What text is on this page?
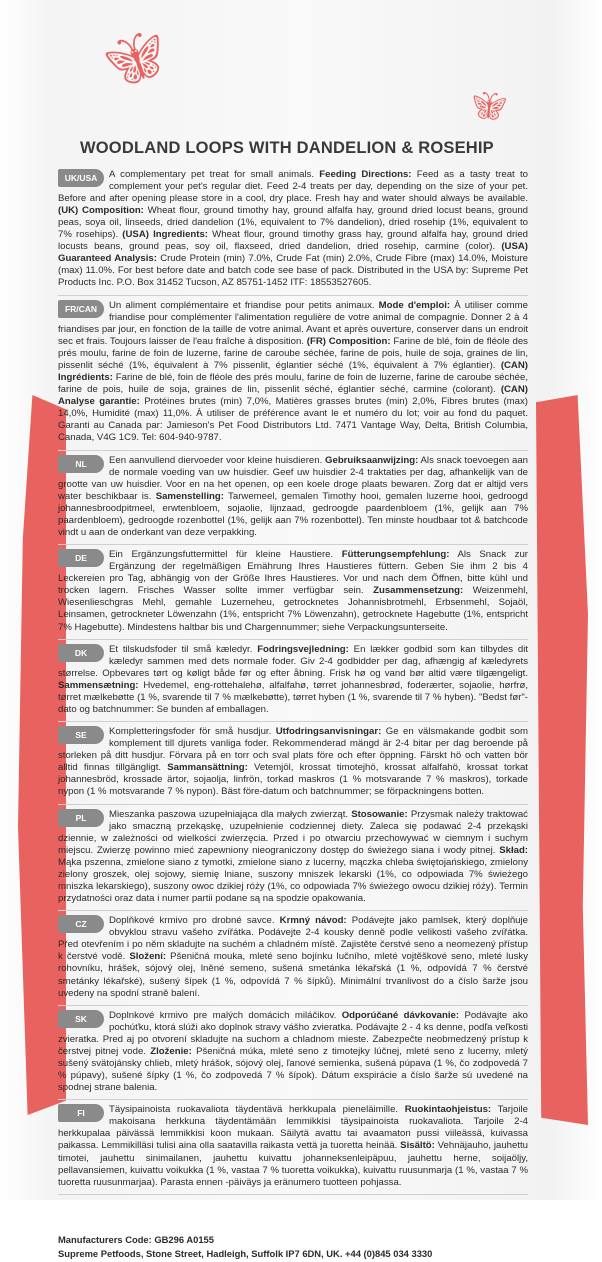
🦋︎
🦋︎
WOODLAND LOOPS WITH DANDELION & ROSEHIP
UK/USA	A complementary pet treat for small animals. Feeding Directions: Feed as a tasty treat to complement your pet's regular diet. Feed 2-4 treats per day, depending on the size of your pet. Before and after opening please store in a cool, dry place. Fresh hay and water should always be available. (UK) Composition: Wheat flour, ground timothy hay, ground alfalfa hay, ground dried locust beans, ground peas, soya oil, linseeds, dried dandelion (1%, equivalent to 7% dandelion), dried rosehip (1%, equivalent to 7% rosehips). (USA) Ingredients: Wheat flour, ground timothy grass hay, ground alfalfa hay, ground dried locusts beans, ground peas, soy oil, flaxseed, dried dandelion, dried rosehip, carmine (color). (USA) Guaranteed Analysis: Crude Protein (min) 7.0%, Crude Fat (min) 2.0%, Crude Fibre (max) 14.0%, Moisture (max) 11.0%. For best before date and batch code see base of pack. Distributed in the USA by: Supreme Pet Products Inc. P.O. Box 31452 Tucson, AZ 85751-1452 ITF: 18553527605.

FR/CAN	Un aliment complémentaire et friandise pour petits animaux. Mode d'emploi: À utiliser comme friandise pour complémenter l'alimentation regulière de votre animal de compagnie. Donner 2 à 4 friandises par jour, en fonction de la taille de votre animal. Avant et après ouverture, conserver dans un endroit sec et frais. Toujours laisser de l'eau fraîche à disposition. (FR) Composition: Farine de blé, foin de fléole des prés moulu, farine de foin de luzerne, farine de caroube séchée, farine de pois, huile de soja, graines de lin, pissenlit séché (1%, équivalent à 7% pissenlit, églantier séché (1%, équivalent à 7% églantier). (CAN) Ingrédients: Farine de blé, foin de fléole des prés moulu, farine de foin de luzerne, farine de caroube séchée, farine de pois, huile de soja, graines de lin, pissenlit séché, églantier séché, carmine (colorant). (CAN) Analyse garantie: Protéines brutes (min) 7,0%, Matières grasses brutes (min) 2,0%, Fibres brutes (max) 14,0%, Humidité (max) 11,0%. À utiliser de préférence avant le et numéro du lot; voir au fond du paquet. Garanti au Canada par: Jamieson's Pet Food Distributors Ltd. 7471 Vantage Way, Delta, British Columbia, Canada, V4G 1C9. Tel: 604-940-9787.

NL	Een aanvullend diervoeder voor kleine huisdieren. Gebruiksaanwijzing: Als snack toevoegen aan de normale voeding van uw huisdier. Geef uw huisdier 2-4 traktaties per dag, afhankelijk van de grootte van uw huisdier. Voor en na het openen, op een koele droge plaats bewaren. Zorg dat er altijd vers water beschikbaar is. Samenstelling: Tarwemeel, gemalen Timothy hooi, gemalen luzerne hooi, gedroogd johannesbroodpitmeel, erwtenbloem, sojaolie, lijnzaad, gedroogde paardenbloem (1%, gelijk aan 7% paardenbloem), gedroogde rozenbottel (1%, gelijk aan 7% rozenbottel). Ten minste houdbaar tot & batchcode vindt u aan de onderkant van deze verpakking.

DE	Ein Ergänzungsfuttermittel für kleine Haustiere. Fütterungsempfehlung: Als Snack zur Ergänzung der regelmäßigen Ernährung Ihres Haustieres füttern. Geben Sie ihm 2 bis 4 Leckereien pro Tag, abhängig von der Größe Ihres Haustieres. Vor und nach dem Öffnen, bitte kühl und trocken lagern. Frisches Wasser sollte immer verfügbar sein. Zusammensetzung: Weizenmehl, Wiesenlieschgras Mehl, gemahle Luzerneheu, getrocknetes Johannisbrotmehl, Erbsenmehl, Sojaöl, Leinsamen, getrockneter Löwenzahn (1%, entspricht 7% Löwenzahn), getrocknete Hagebutte (1%, entspricht 7% Hagebutte). Mindestens haltbar bis und Chargennummer; siehe Verpackungsunterseite.

DK	Et tilskudsfoder til små kæledyr. Fodringsvejledning: En lækker godbid som kan tilbydes dit kæledyr sammen med dets normale foder. Giv 2-4 godbidder per dag, afhængig af kæledyrets størrelse. Opbevares tørt og køligt både før og efter åbning. Frisk hø og vand bør altid være tilgængeligt. Sammensætning: Hvedemel, eng-rottehalehø, alfalfahø, tørret johannesbrød, foderærter, sojaolie, hørfrø, tørret mælkebøtte (1 %, svarende til 7 % mælkebøtte), tørret hyben (1 %, svarende til 7 % hyben). "Bedst før"-dato og batchnummer: Se bunden af emballagen.

SE	Kompletteringsfoder för små husdjur. Utfodringsanvisningar: Ge en välsmakande godbit som komplement till djurets vanliga foder. Rekommenderad mängd är 2-4 bitar per dag beroende på storleken på ditt husdjur. Förvara på en torr och sval plats före och efter öppning. Färskt hö och vatten bör alltid finnas tillgängligt. Sammansättning: Vetemjöl, krossat timotejhö, krossat alfalfahö, krossat torkat johannesbröd, krossade ärtor, sojaolja, linfrön, torkad maskros (1 % motsvarande 7 % maskros), torkade nypon (1 % motsvarande 7 % nypon). Bäst före-datum och batchnummer; se förpackningens botten.

PL	Mieszanka paszowa uzupełniająca dla małych zwierząt. Stosowanie: Przysmak należy traktować jako smaczną przekąskę, uzupełnienie codziennej diety. Zaleca się podawać 2-4 przekąski dziennie, w zależności od wielkości zwierzęcia. Przed i po otwarciu przechowywać w ciemnym i suchym miejscu. Zwierzę powinno mieć zapewniony nieograniczony dostęp do świeżego siana i wody pitnej. Skład: Mąka pszenna, zmielone siano z tymotki, zmielone siano z lucerny, mączka chleba świętojańskiego, zmielony zielony groszek, olej sojowy, siemię lniane, suszony mniszek lekarski (1%, co odpowiada 7% świeżego mniszka lekarskiego), suszony owoc dzikiej róży (1%, co odpowiada 7% świeżego owocu dzikiej róży). Termin przydatności oraz data i numer partii podane są na spodzie opakowania.

CZ	Doplňkové krmivo pro drobné savce. Krmný návod: Podávejte jako pamlsek, který doplňuje obvyklou stravu vašeho zvířátka. Podávejte 2-4 kousky denně podle velikosti vašeho zvířátka. Před otevřením i po něm skladujte na suchém a chladném místě. Zajistěte čerstvé seno a neomezený přístup k čerstvé vodě. Složení: Pšeničná mouka, mleté seno bojínku lučního, mleté vojtěškové seno, mleté lusky rohovníku, hrášek, sójový olej, lněné semeno, sušená smetánka lékařská (1 %, odpovídá 7 % čerstvé smetánky lékařské), sušený šípek (1 %, odpovídá 7 % šípků). Minimální trvanlivost do a číslo šarže jsou uvedeny na spodní straně balení.

SK	Doplnkové krmivo pre malých domácich miláčikov. Odporúčané dávkovanie: Podávajte ako pochúťku, ktorá slúži ako doplnok stravy vášho zvieratka. Podávajte 2 - 4 ks denne, podľa veľkosti zvieratka. Pred aj po otvorení skladujte na suchom a chladnom mieste. Zabezpečte neobmedzený prístup k čerstvej pitnej vode. Zloženie: Pšeničná múka, mleté seno z timotejky lúčnej, mleté seno z lucerny, mletý sušený svätojánsky chlieb, mletý hrášok, sójový olej, ľanové semienka, sušená púpava (1 %, čo zodpovedá 7 % púpavy), sušené šípky (1 %, čo zodpovedá 7 % šípok). Dátum exspirácie a číslo šarže sú uvedené na spodnej strane balenia.

FI	Täysipainoista ruokavaliota täydentävä herkkupala pieneläimille. Ruokintaohjeistus: Tarjoile makoisana herkkuna täydentämään lemmikkisi täysipainoista ruokavaliota. Tarjoile 2-4 herkkupalaa päivässä lemmikkisi koon mukaan. Säilytä avattu tai avaamaton pussi viileässä, kuivassa paikassa. Lemmikilläsi tulisi aina olla saatavilla raikasta vettä ja tuoretta heinää. Sisältö: Vehnäjauho, jauhettu timotei, jauhettu sinimailanen, jauhettu kuivattu johanneksenleipäpuu, jauhettu herne, soijaöljy, pellavansiemen, kuivattu voikukka (1 %, vastaa 7 % tuoretta voikukka), kuivattu ruusunmarja (1 %, vastaa 7 % tuoretta ruusunmarjaa). Parasta ennen -päiväys ja eränumero tuotteen pohjassa.

Manufacturers Code: GB296 A0155
Supreme Petfoods, Stone Street, Hadleigh, Suffolk IP7 6DN, UK. +44 (0)845 034 3330
